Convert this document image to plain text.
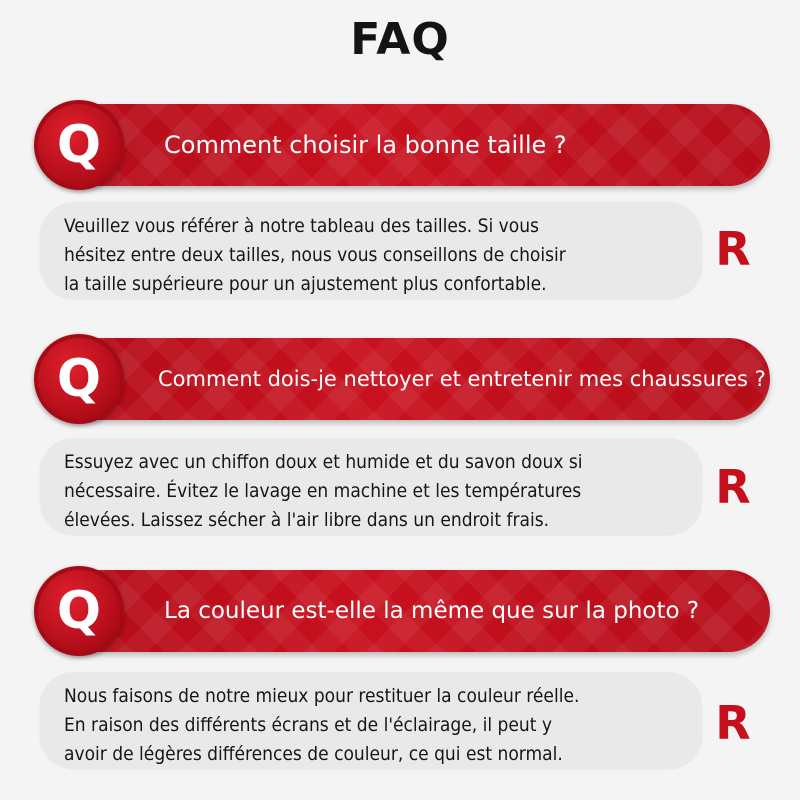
FAQ
Q	Comment choisir la bonne taille ?
Veuillez vous référer à notre tableau des tailles. Si vous
hésitez entre deux tailles, nous vous conseillons de choisir
la taille supérieure pour un ajustement plus confortable.
R
Q	Comment dois-je nettoyer et entretenir mes chaussures ?
Essuyez avec un chiffon doux et humide et du savon doux si
nécessaire. Évitez le lavage en machine et les températures
élevées. Laissez sécher à l'air libre dans un endroit frais.
R
Q	La couleur est-elle la même que sur la photo ?
Nous faisons de notre mieux pour restituer la couleur réelle.
En raison des différents écrans et de l'éclairage, il peut y
avoir de légères différences de couleur, ce qui est normal.
R
